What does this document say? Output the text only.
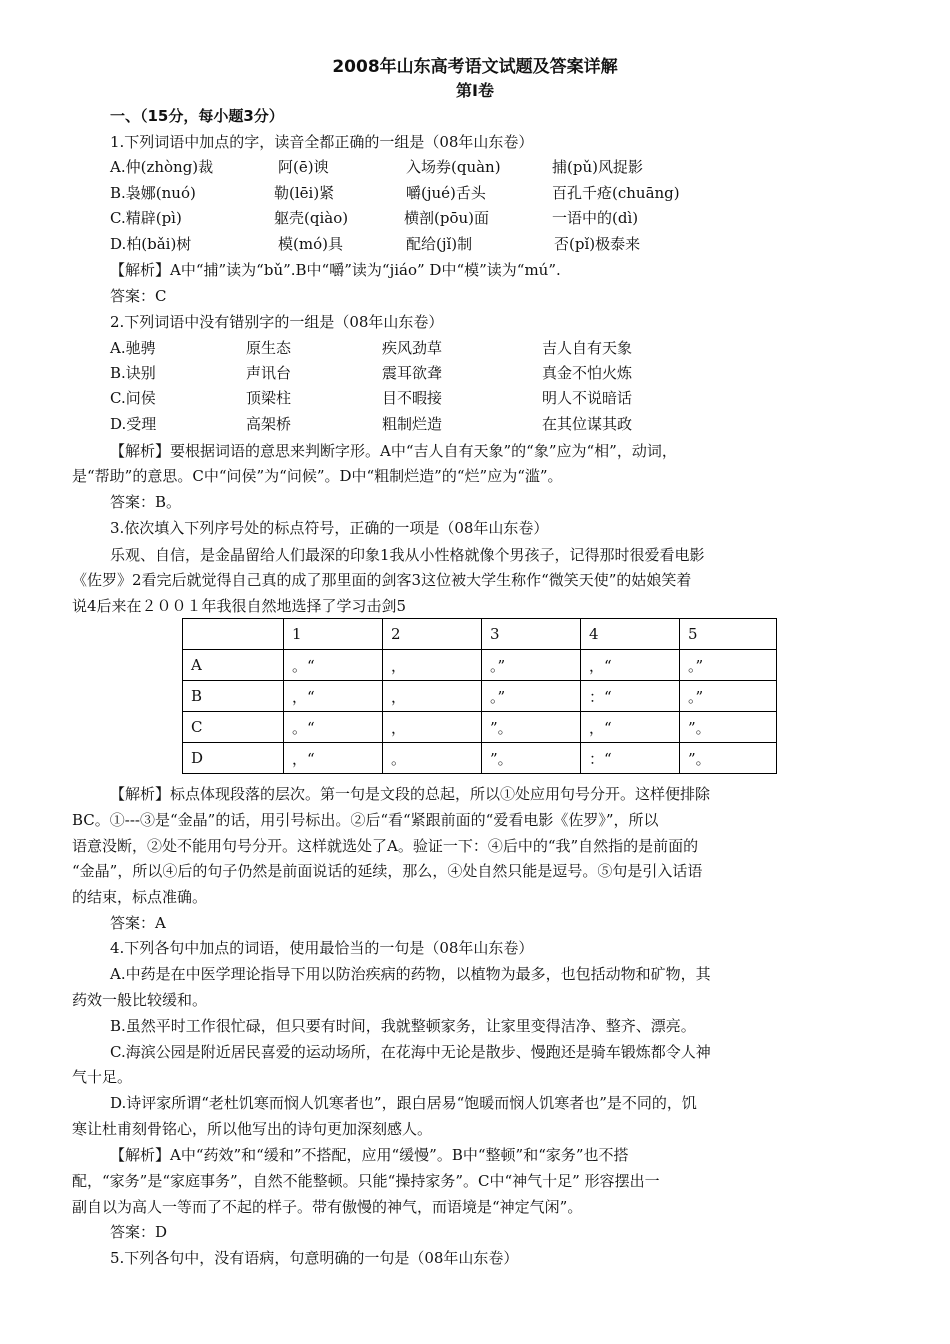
2008年山东高考语文试题及答案详解
第Ⅰ卷
一、（15分，每小题3分）
1.下列词语中加点的字，读音全都正确的一组是（08年山东卷）
A.仲(zhòng)裁	阿(ē)谀	入场券(quàn)	捕(pǔ)风捉影
B.袅娜(nuó)	勒(lēi)紧	嚼(jué)舌头	百孔千疮(chuāng)
C.精辟(pì)	躯壳(qiào)	横剖(pōu)面	一语中的(dì)
D.柏(bǎi)树	模(mó)具	配给(jǐ)制	否(pǐ)极泰来
【解析】A中“捕”读为“bǔ”.B中“嚼”读为“jiáo” D中“模”读为“mú”.
答案：C
2.下列词语中没有错别字的一组是（08年山东卷）
A.驰骋	原生态	疾风劲草	吉人自有天象
B.诀别	声讯台	震耳欲聋	真金不怕火炼
C.问侯	顶梁柱	目不暇接	明人不说暗话
D.受理	高架桥	粗制烂造	在其位谋其政
【解析】要根据词语的意思来判断字形。A中“吉人自有天象”的“象”应为“相”，动词，
是“帮助”的意思。C中“问侯”为“问候”。D中“粗制烂造”的“烂”应为“滥”。
答案：B。
3.依次填入下列序号处的标点符号，正确的一项是（08年山东卷）
乐观、自信，是金晶留给人们最深的印象1我从小性格就像个男孩子，记得那时很爱看电影
《佐罗》2看完后就觉得自己真的成了那里面的剑客3这位被大学生称作“微笑天使”的姑娘笑着
说4后来在２００１年我很自然地选择了学习击剑5
	1	2	3	4	5
A	。“	，	。”	，“	。”
B	，“	，	。”	：“	。”
C	。“	，	”。	，“	”。
D	，“	。	”。	：“	”。
【解析】标点体现段落的层次。第一句是文段的总起，所以①处应用句号分开。这样便排除
BC。①---③是“金晶”的话，用引号标出。②后“看“紧跟前面的“爱看电影《佐罗》”，所以
语意没断，②处不能用句号分开。这样就选处了A。验证一下：④后中的“我”自然指的是前面的
“金晶”，所以④后的句子仍然是前面说话的延续，那么，④处自然只能是逗号。⑤句是引入话语
的结束，标点准确。
答案：A
4.下列各句中加点的词语，使用最恰当的一句是（08年山东卷）
A.中药是在中医学理论指导下用以防治疾病的药物，以植物为最多，也包括动物和矿物，其
药效一般比较缓和。
B.虽然平时工作很忙碌，但只要有时间，我就整顿家务，让家里变得洁净、整齐、漂亮。
C.海滨公园是附近居民喜爱的运动场所，在花海中无论是散步、慢跑还是骑车锻炼都令人神
气十足。
D.诗评家所谓“老杜饥寒而悯人饥寒者也”，跟白居易“饱暖而悯人饥寒者也”是不同的，饥
寒让杜甫刻骨铭心，所以他写出的诗句更加深刻感人。
【解析】A中“药效”和“缓和”不搭配，应用“缓慢”。B中“整顿”和“家务”也不搭
配，“家务”是“家庭事务”，自然不能整顿。只能“操持家务”。C中“神气十足” 形容摆出一
副自以为高人一等而了不起的样子。带有傲慢的神气，而语境是“神定气闲”。
答案：D
5.下列各句中，没有语病，句意明确的一句是（08年山东卷）
